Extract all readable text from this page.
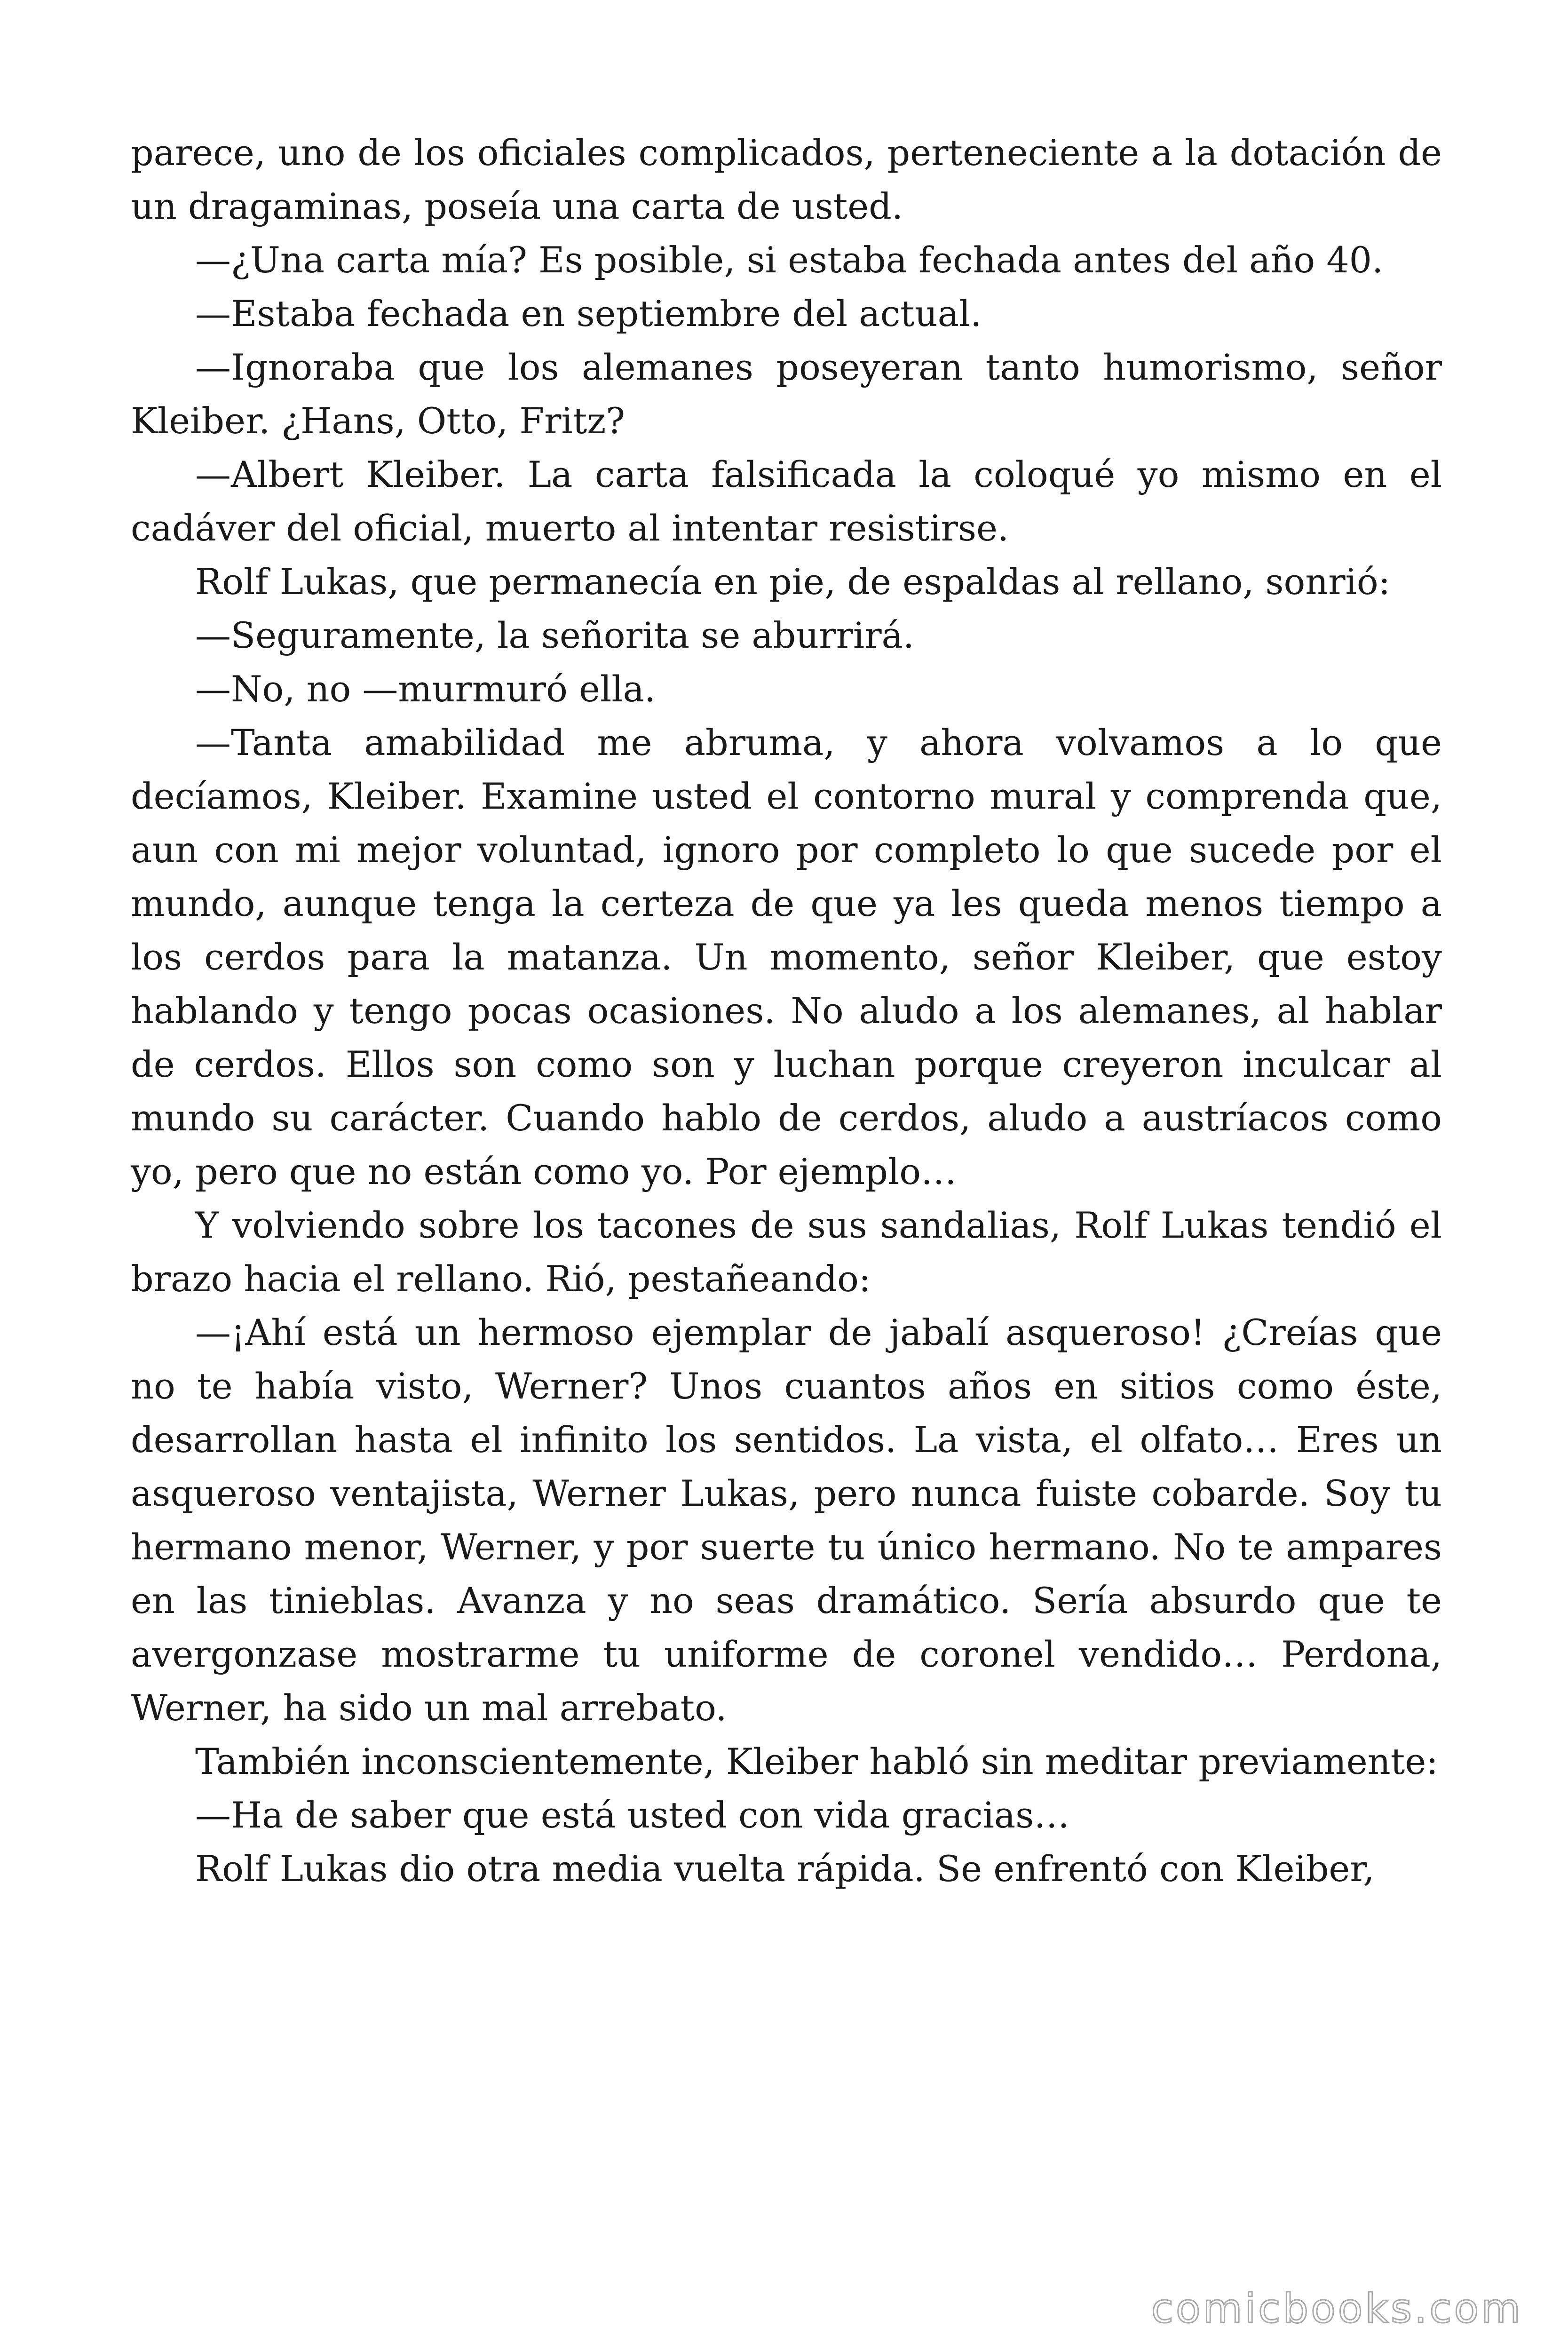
parece, uno de los oficiales complicados, perteneciente a la dotación de un dragaminas, poseía una carta de usted.

—¿Una carta mía? Es posible, si estaba fechada antes del año 40.

—Estaba fechada en septiembre del actual.

—Ignoraba que los alemanes poseyeran tanto humorismo, señor Kleiber. ¿Hans, Otto, Fritz?

—Albert Kleiber. La carta falsificada la coloqué yo mismo en el cadáver del oficial, muerto al intentar resistirse.

Rolf Lukas, que permanecía en pie, de espaldas al rellano, sonrió:

—Seguramente, la señorita se aburrirá.

—No, no —murmuró ella.

—Tanta amabilidad me abruma, y ahora volvamos a lo que decíamos, Kleiber. Examine usted el contorno mural y comprenda que, aun con mi mejor voluntad, ignoro por completo lo que sucede por el mundo, aunque tenga la certeza de que ya les queda menos tiempo a los cerdos para la matanza. Un momento, señor Kleiber, que estoy hablando y tengo pocas ocasiones. No aludo a los alemanes, al hablar de cerdos. Ellos son como son y luchan porque creyeron inculcar al mundo su carácter. Cuando hablo de cerdos, aludo a austríacos como yo, pero que no están como yo. Por ejemplo…

Y volviendo sobre los tacones de sus sandalias, Rolf Lukas tendió el brazo hacia el rellano. Rió, pestañeando:

—¡Ahí está un hermoso ejemplar de jabalí asqueroso! ¿Creías que no te había visto, Werner? Unos cuantos años en sitios como éste, desarrollan hasta el infinito los sentidos. La vista, el olfato… Eres un asqueroso ventajista, Werner Lukas, pero nunca fuiste cobarde. Soy tu hermano menor, Werner, y por suerte tu único hermano. No te ampares en las tinieblas. Avanza y no seas dramático. Sería absurdo que te avergonzase mostrarme tu uniforme de coronel vendido… Perdona, Werner, ha sido un mal arrebato.

También inconscientemente, Kleiber habló sin meditar previamente:

—Ha de saber que está usted con vida gracias…

Rolf Lukas dio otra media vuelta rápida. Se enfrentó con Kleiber,

comicbooks.com
